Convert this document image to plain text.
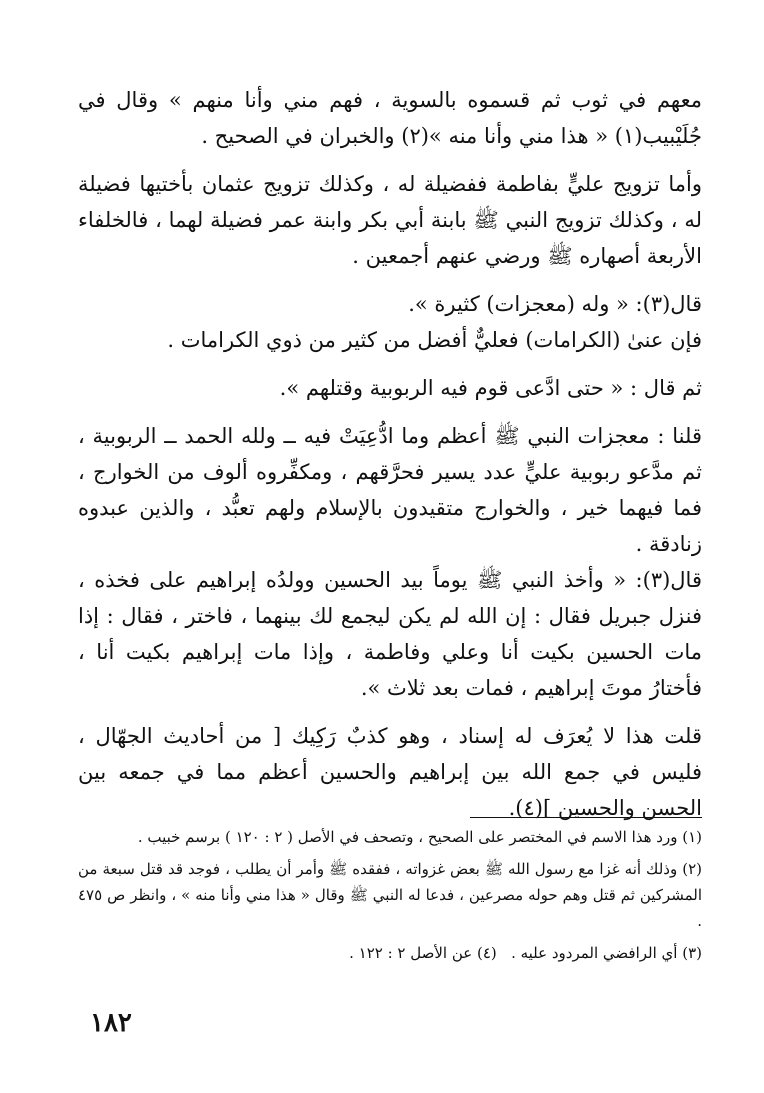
معهم في ثوب ثم قسموه بالسوية ، فهم مني وأنا منهم » وقال في جُلَيْبيب(١) « هذا مني وأنا منه »(٢) والخبران في الصحيح .

وأما تزويج عليٍّ بفاطمة ففضيلة له ، وكذلك تزويج عثمان بأختيها فضيلة له ، وكذلك تزويج النبي ﷺ بابنة أبي بكر وابنة عمر فضيلة لهما ، فالخلفاء الأربعة أصهاره ﷺ ورضي عنهم أجمعين .

قال(٣): « وله (معجزات) كثيرة ».

فإن عنىٰ (الكرامات) فعليٌّ أفضل من كثير من ذوي الكرامات .

ثم قال : « حتى ادَّعى قوم فيه الربوبية وقتلهم ».

قلنا : معجزات النبي ﷺ أعظم وما ادُّعِيَتْ فيه ــ ولله الحمد ــ الربوبية ، ثم مدَّعو ربوبية عليٍّ عدد يسير فحرَّقهم ، ومكفِّروه ألوف من الخوارج ، فما فيهما خير ، والخوارج متقيدون بالإسلام ولهم تعبُّد ، والذين عبدوه زنادقة .

قال(٣): « وأخذ النبي ﷺ يوماً بيد الحسين وولدُه إبراهيم على فخذه ، فنزل جبريل فقال : إن الله لم يكن ليجمع لك بينهما ، فاختر ، فقال : إذا مات الحسين بكيت أنا وعلي وفاطمة ، وإذا مات إبراهيم بكيت أنا ، فأختارُ موتَ إبراهيم ، فمات بعد ثلاث ».

قلت هذا لا يُعرَف له إسناد ، وهو كذبٌ رَكِيك [ من أحاديث الجهّال ، فليس في جمع الله بين إبراهيم والحسين أعظم مما في جمعه بين الحسن والحسين ](٤).

(١) ورد هذا الاسم في المختصر على الصحيح ، وتصحف في الأصل ( ٢ : ١٢٠ ) برسم خبيب .

(٢) وذلك أنه غزا مع رسول الله ﷺ بعض غزواته ، ففقده ﷺ وأمر أن يطلب ، فوجد قد قتل سبعة من المشركين ثم قتل وهم حوله مصرعين ، فدعا له النبي ﷺ وقال « هذا مني وأنا منه » ، وانظر ص ٤٧٥ .

(٣) أي الرافضي المردود عليه .   (٤) عن الأصل ٢ : ١٢٢ .

١٨٢
